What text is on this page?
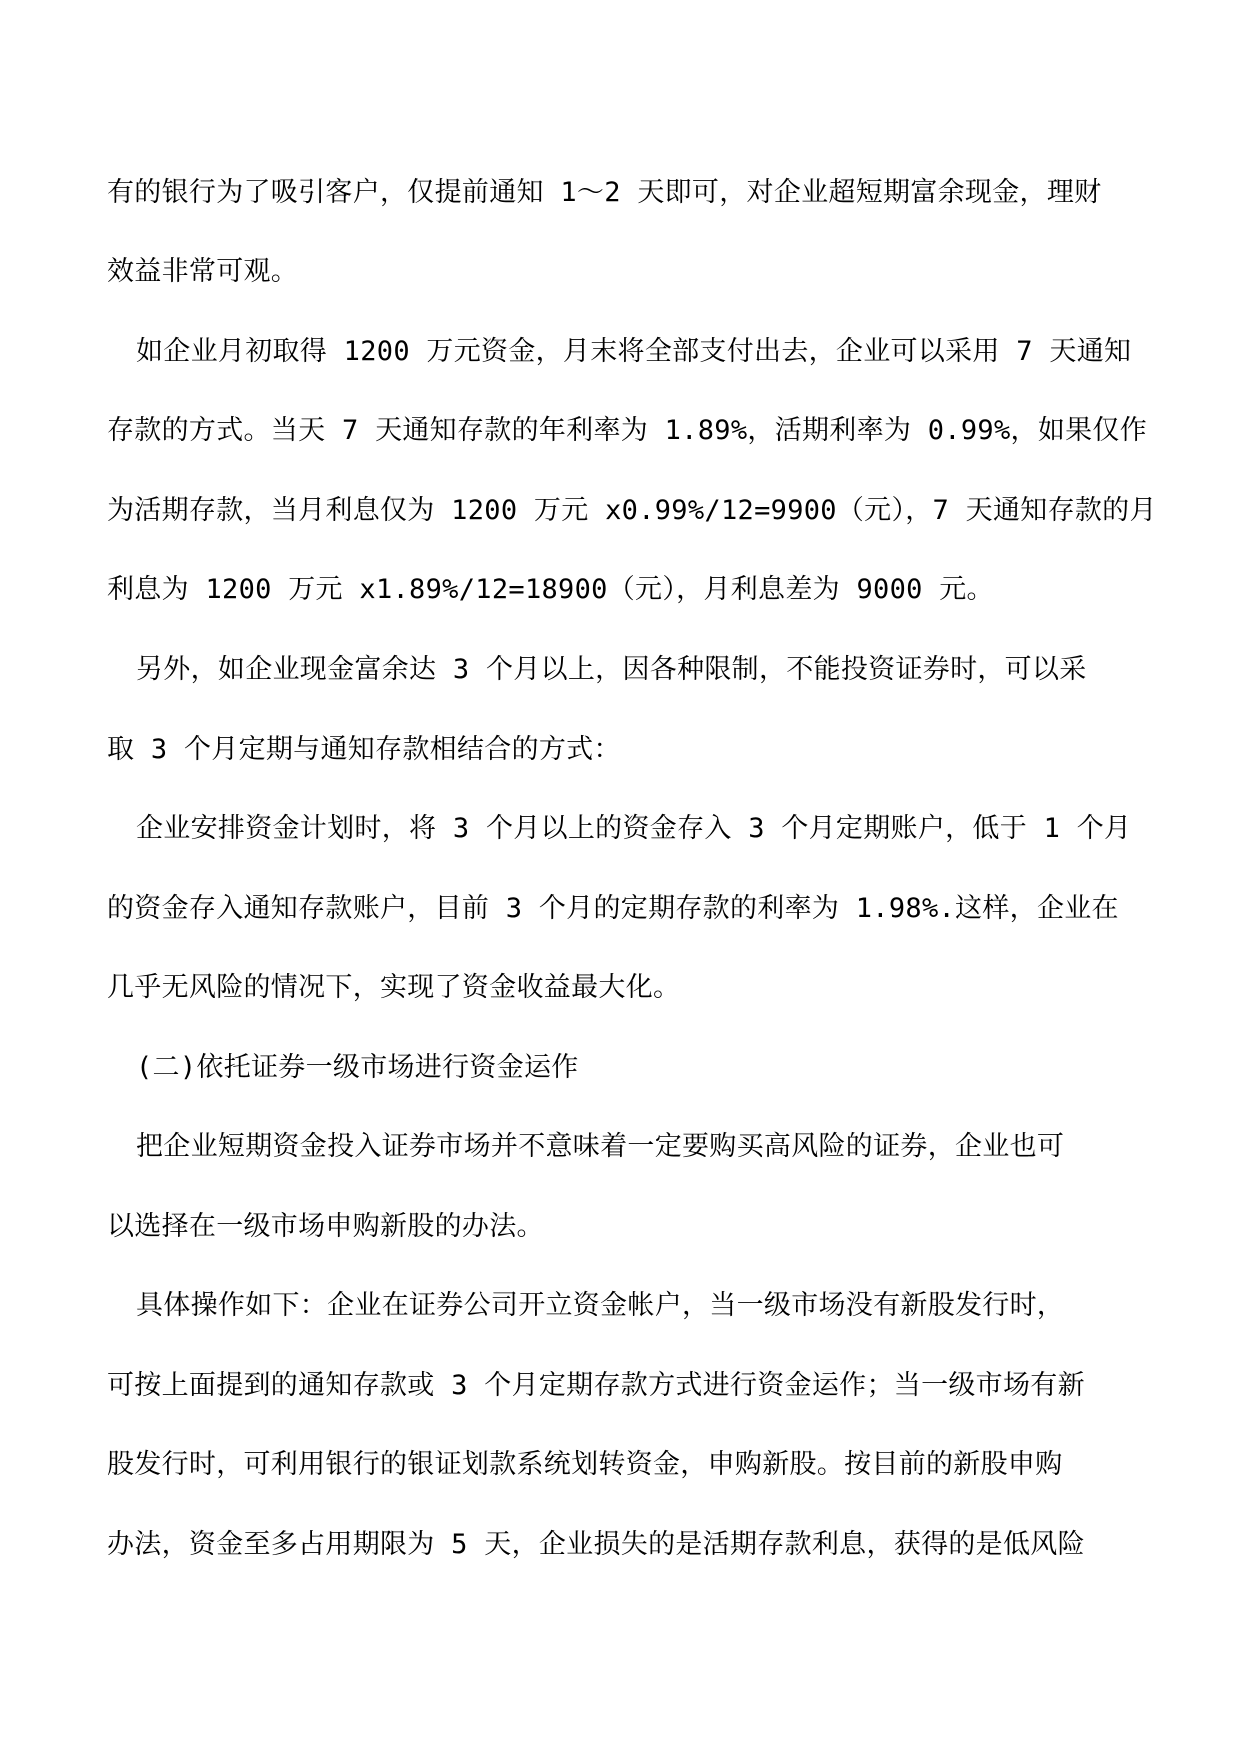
有的银行为了吸引客户，仅提前通知 1～2 天即可，对企业超短期富余现金，理财
效益非常可观。
如企业月初取得 1200 万元资金，月末将全部支付出去，企业可以采用 7 天通知
存款的方式。当天 7 天通知存款的年利率为 1.89%，活期利率为 0.99%，如果仅作
为活期存款，当月利息仅为 1200 万元 x0.99%/12=9900（元），7 天通知存款的月
利息为 1200 万元 x1.89%/12=18900（元），月利息差为 9000 元。
另外，如企业现金富余达 3 个月以上，因各种限制，不能投资证券时，可以采
取 3 个月定期与通知存款相结合的方式：
企业安排资金计划时，将 3 个月以上的资金存入 3 个月定期账户，低于 1 个月
的资金存入通知存款账户，目前 3 个月的定期存款的利率为 1.98%.这样，企业在
几乎无风险的情况下，实现了资金收益最大化。
(二)依托证券一级市场进行资金运作
把企业短期资金投入证券市场并不意味着一定要购买高风险的证券，企业也可
以选择在一级市场申购新股的办法。
具体操作如下：企业在证券公司开立资金帐户，当一级市场没有新股发行时，
可按上面提到的通知存款或 3 个月定期存款方式进行资金运作；当一级市场有新
股发行时，可利用银行的银证划款系统划转资金，申购新股。按目前的新股申购
办法，资金至多占用期限为 5 天，企业损失的是活期存款利息，获得的是低风险
